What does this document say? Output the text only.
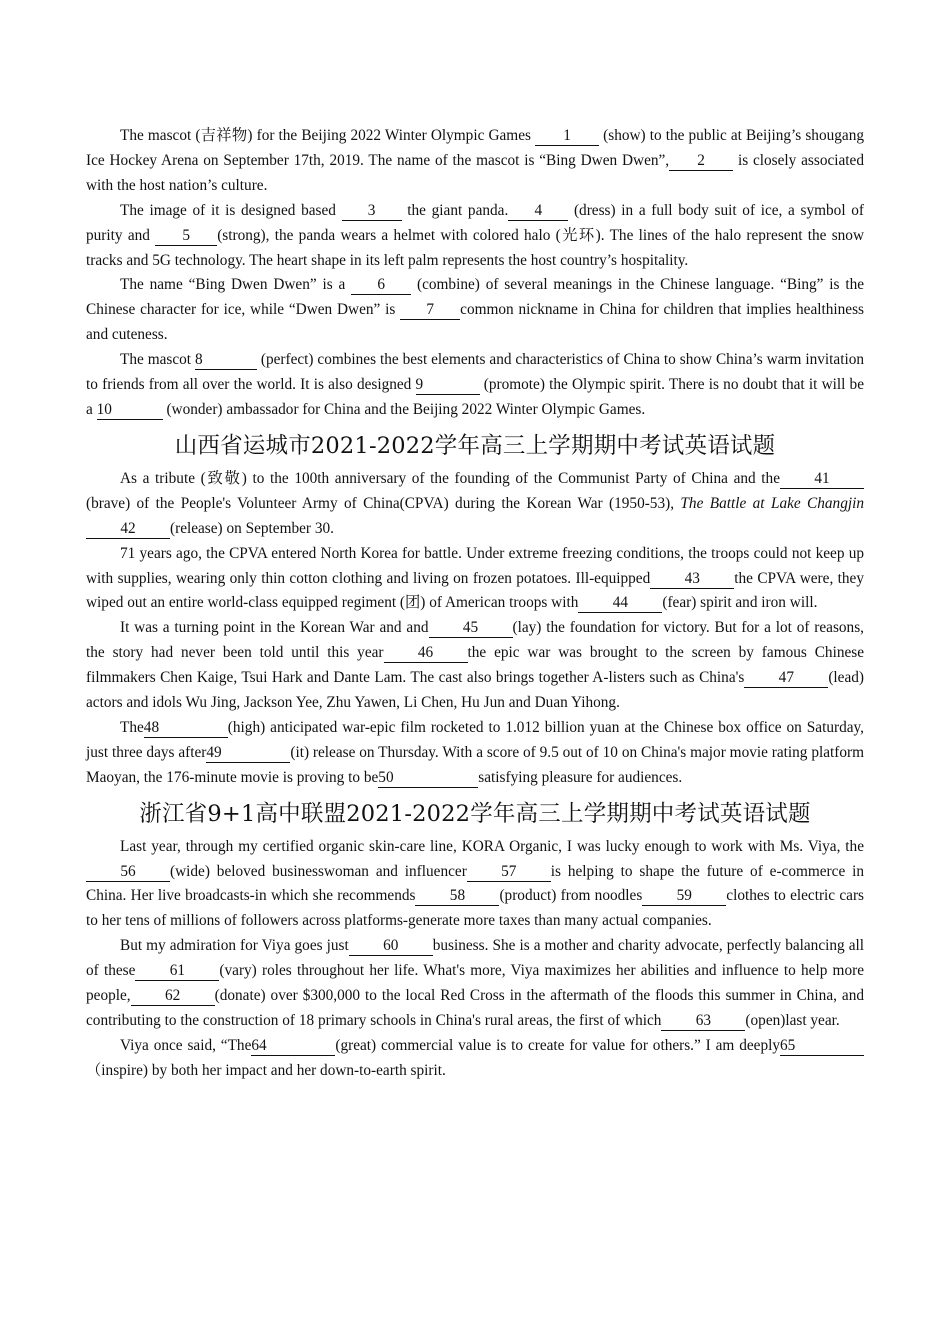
The mascot (吉祥物) for the Beijing 2022 Winter Olympic Games 1 (show) to the public at Beijing’s shougang Ice Hockey Arena on September 17th, 2019. The name of the mascot is “Bing Dwen Dwen”, 2 is closely associated with the host nation’s culture.

The image of it is designed based 3 the giant panda. 4 (dress) in a full body suit of ice, a symbol of purity and 5 (strong), the panda wears a helmet with colored halo (光环). The lines of the halo represent the snow tracks and 5G technology. The heart shape in its left palm represents the host country’s hospitality.

The name “Bing Dwen Dwen” is a 6 (combine) of several meanings in the Chinese language. “Bing” is the Chinese character for ice, while “Dwen Dwen” is 7 common nickname in China for children that implies healthiness and cuteness.

The mascot 8	(perfect) combines the best elements and characteristics of China to show China’s warm invitation to friends from all over the world. It is also designed 9	(promote) the Olympic spirit. There is no doubt that it will be a 10	(wonder) ambassador for China and the Beijing 2022 Winter Olympic Games.

山西省运城市2021-2022学年高三上学期期中考试英语试题

As a tribute (致敬) to the 100th anniversary of the founding of the Communist Party of China and the 41(brave) of the People's Volunteer Army of China(CPVA) during the Korean War (1950-53), The Battle at Lake Changjin42 (release) on September 30.

71 years ago, the CPVA entered North Korea for battle. Under extreme freezing conditions, the troops could not keep up with supplies, wearing only thin cotton clothing and living on frozen potatoes. Ill-equipped 43 the CPVA were, they wiped out an entire world-class equipped regiment (团) of American troops with 44 (fear) spirit and iron will.

It was a turning point in the Korean War and and 45 (lay) the foundation for victory. But for a lot of reasons, the story had never been told until this year 46 the epic war was brought to the screen by famous Chinese filmmakers Chen Kaige, Tsui Hark and Dante Lam. The cast also brings together A-listers such as China's 47 (lead) actors and idols Wu Jing, Jackson Yee, Zhu Yawen, Li Chen, Hu Jun and Duan Yihong.

The48	(high) anticipated war-epic film rocketed to 1.012 billion yuan at the Chinese box office on Saturday, just three days after49	(it) release on Thursday. With a score of 9.5 out of 10 on China's major movie rating platform Maoyan, the 176-minute movie is proving to be50	satisfying pleasure for audiences.

浙江省9+1高中联盟2021-2022学年高三上学期期中考试英语试题

Last year, through my certified organic skin-care line, KORA Organic, I was lucky enough to work with Ms. Viya, the 56 (wide) beloved businesswoman and influencer 57 is helping to shape the future of e-commerce in China. Her live broadcasts-in which she recommends 58 (product) from noodles 59 clothes to electric cars to her tens of millions of followers across platforms-generate more taxes than many actual companies.

But my admiration for Viya goes just 60 business. She is a mother and charity advocate, perfectly balancing all of these 61 (vary) roles throughout her life. What's more, Viya maximizes her abilities and influence to help more people, 62 (donate) over $300,000 to the local Red Cross in the aftermath of the floods this summer in China, and contributing to the construction of 18 primary schools in China's rural areas, the first of which 63 (open)last year.

Viya once said, “The64	(great) commercial value is to create for value for others.” I am deeply65（inspire) by both her impact and her down-to-earth spirit.
